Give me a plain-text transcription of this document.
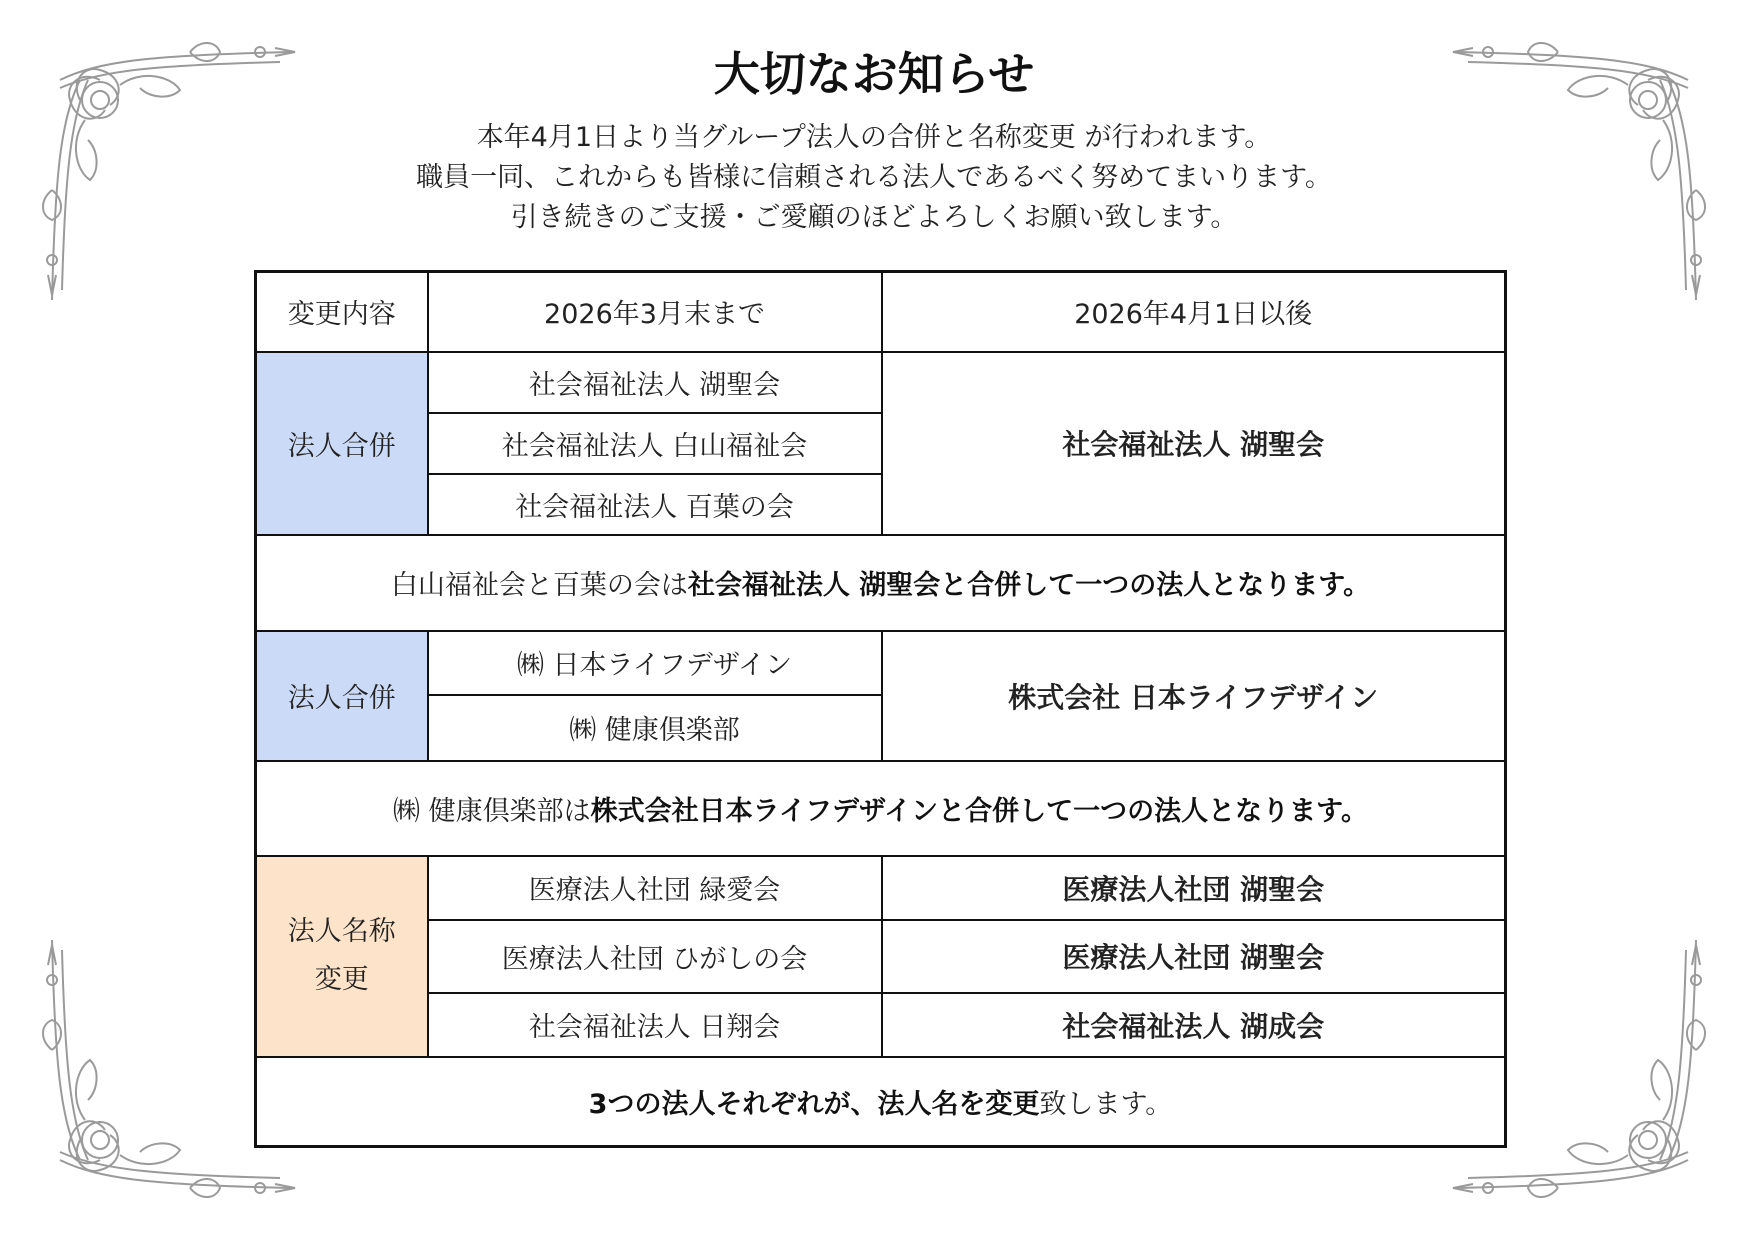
大切なお知らせ
本年4月1日より当グループ法人の合併と名称変更 が行われます。
職員一同、これからも皆様に信頼される法人であるべく努めてまいります。
引き続きのご支援・ご愛顧のほどよろしくお願い致します。
変更内容	2026年3月末まで	2026年4月1日以後
法人合併	社会福祉法人 湖聖会	社会福祉法人 湖聖会
	社会福祉法人 白山福祉会	
	社会福祉法人 百葉の会	
白山福祉会と百葉の会は社会福祉法人 湖聖会と合併して一つの法人となります。		
法人合併	㈱ 日本ライフデザイン	株式会社 日本ライフデザイン
	㈱ 健康倶楽部	
㈱ 健康倶楽部は株式会社日本ライフデザインと合併して一つの法人となります。		

法人名称
変更	医療法人社団 緑愛会	医療法人社団 湖聖会
	医療法人社団 ひがしの会	医療法人社団 湖聖会
	社会福祉法人 日翔会	社会福祉法人 湖成会
3つの法人それぞれが、法人名を変更致します。		
